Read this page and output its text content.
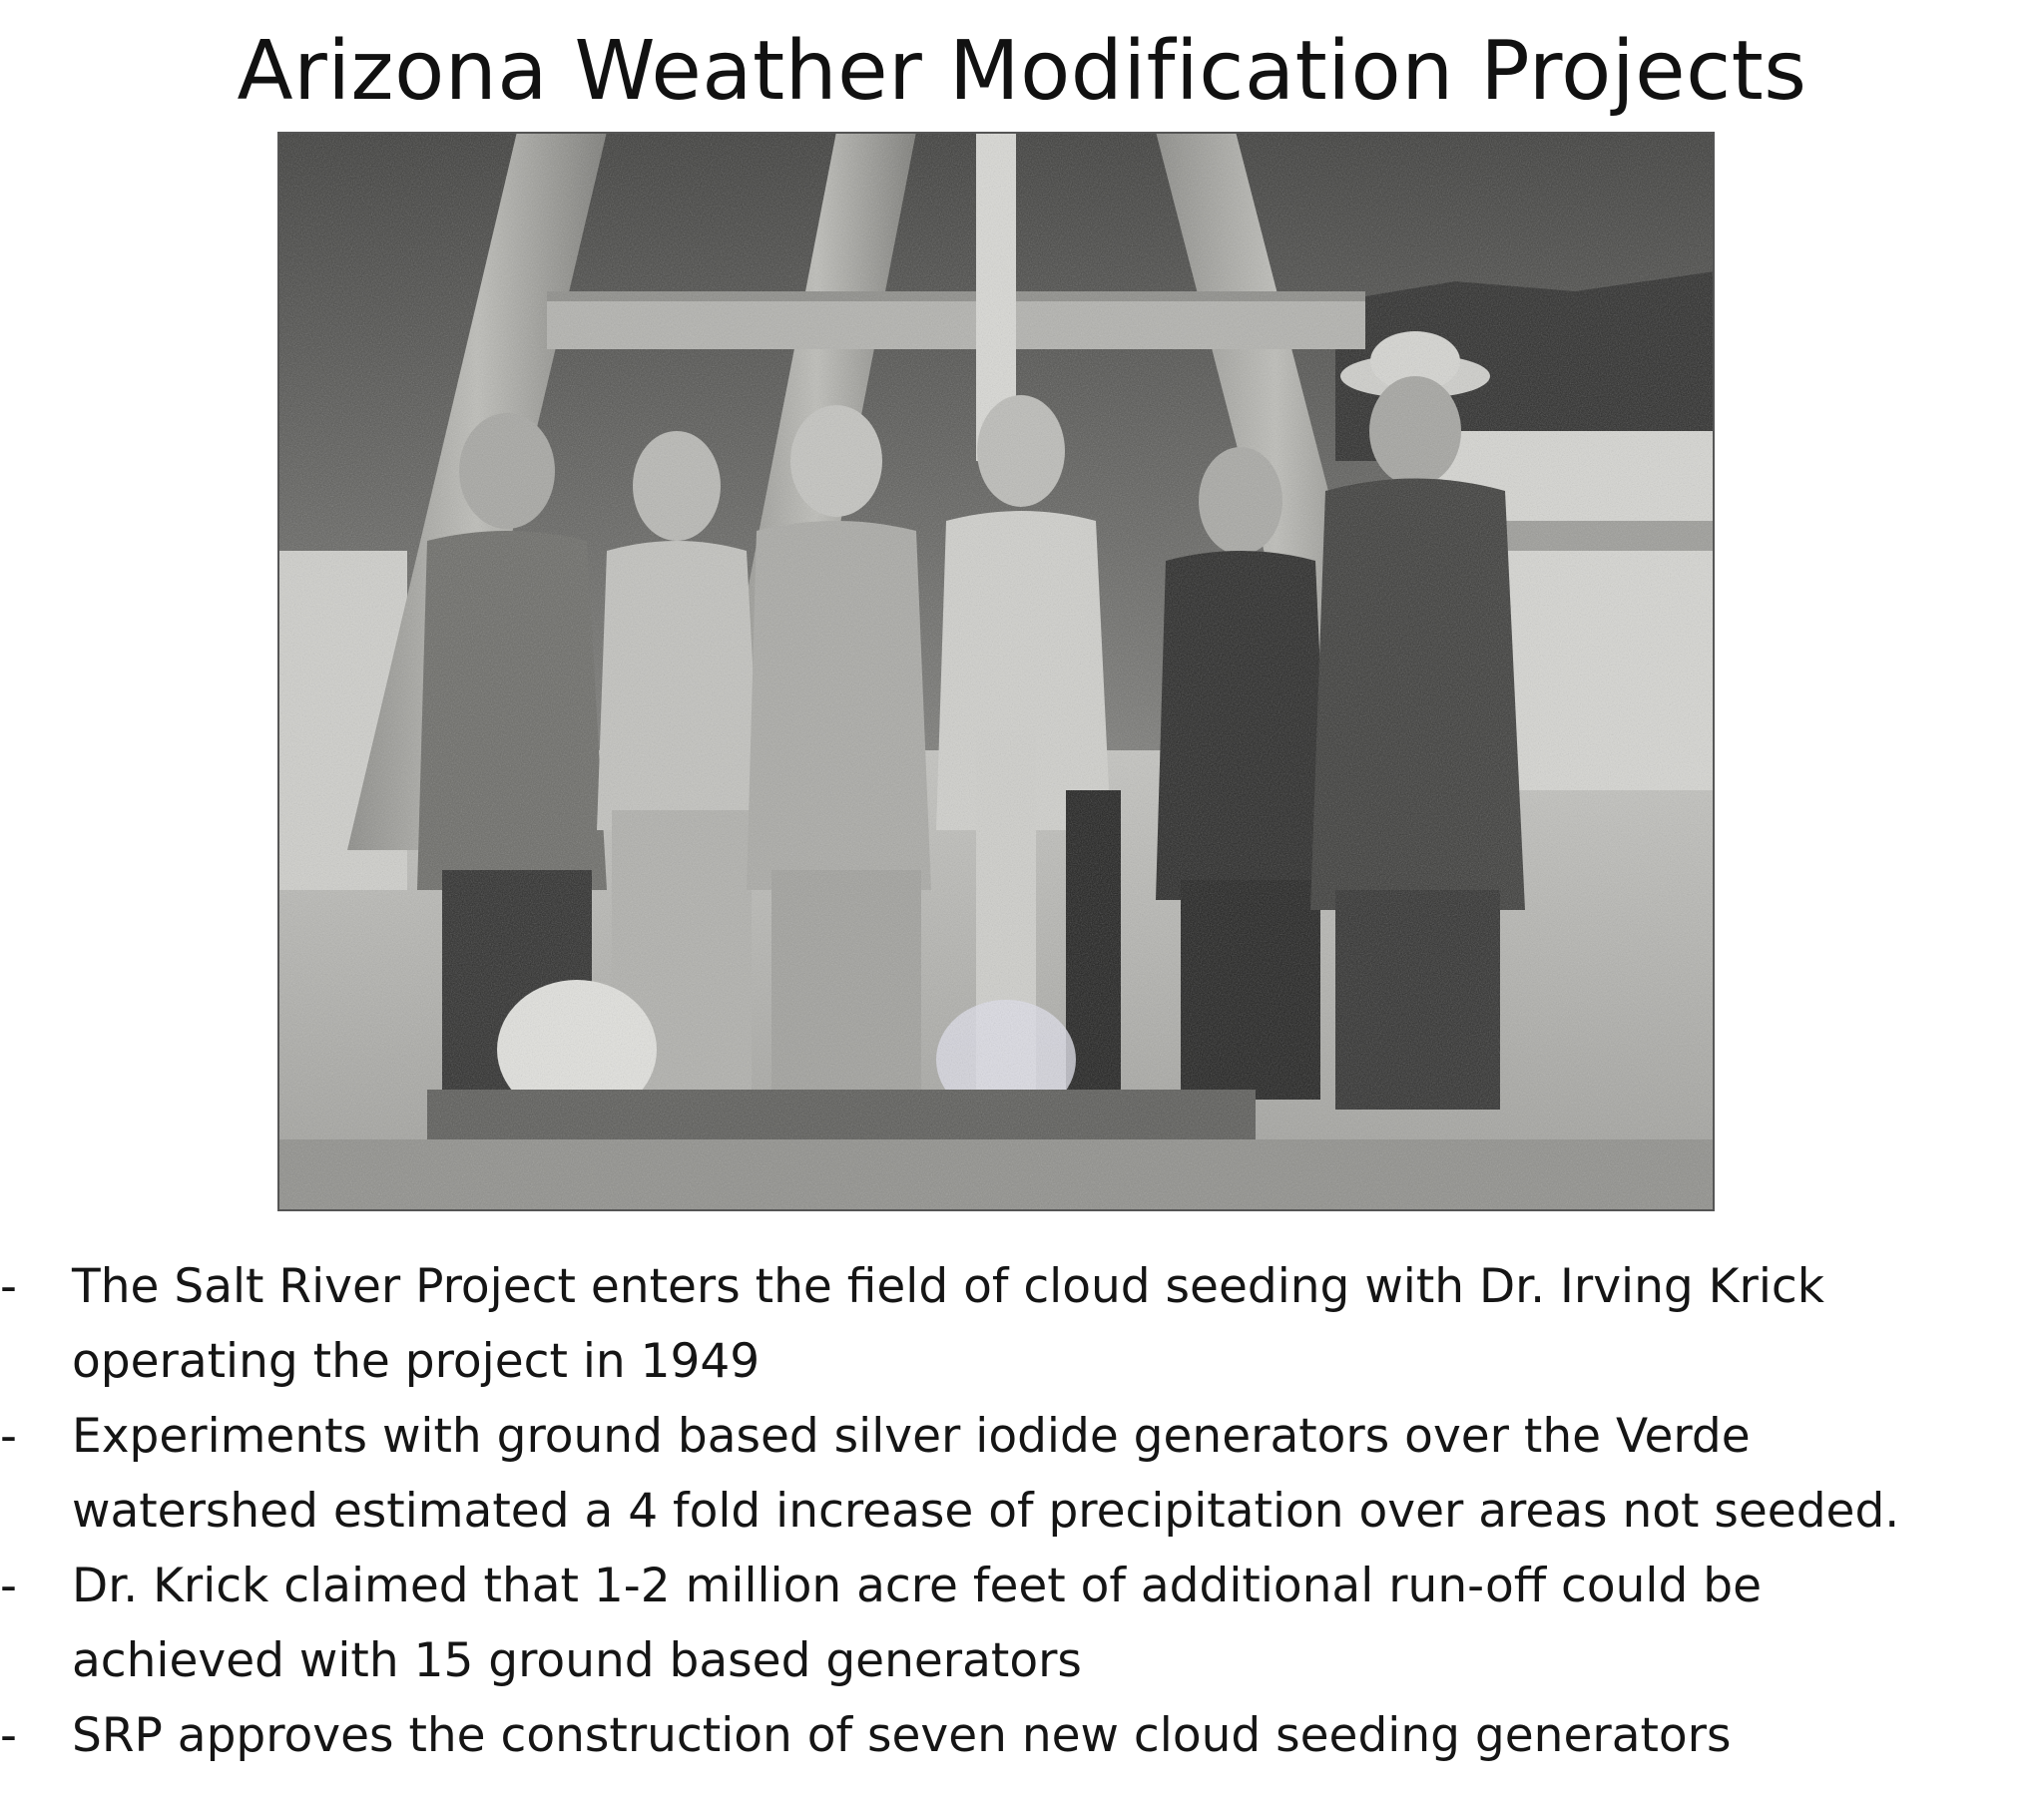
Arizona Weather Modification Projects
- The Salt River Project enters the field of cloud seeding with Dr. Irving Krick operating the project in 1949
- Experiments with ground based silver iodide generators over the Verde watershed estimated a 4 fold increase of precipitation over areas not seeded.
- Dr. Krick claimed that 1-2 million acre feet of additional run-off could be achieved with 15 ground based generators
- SRP approves the construction of seven new cloud seeding generators
